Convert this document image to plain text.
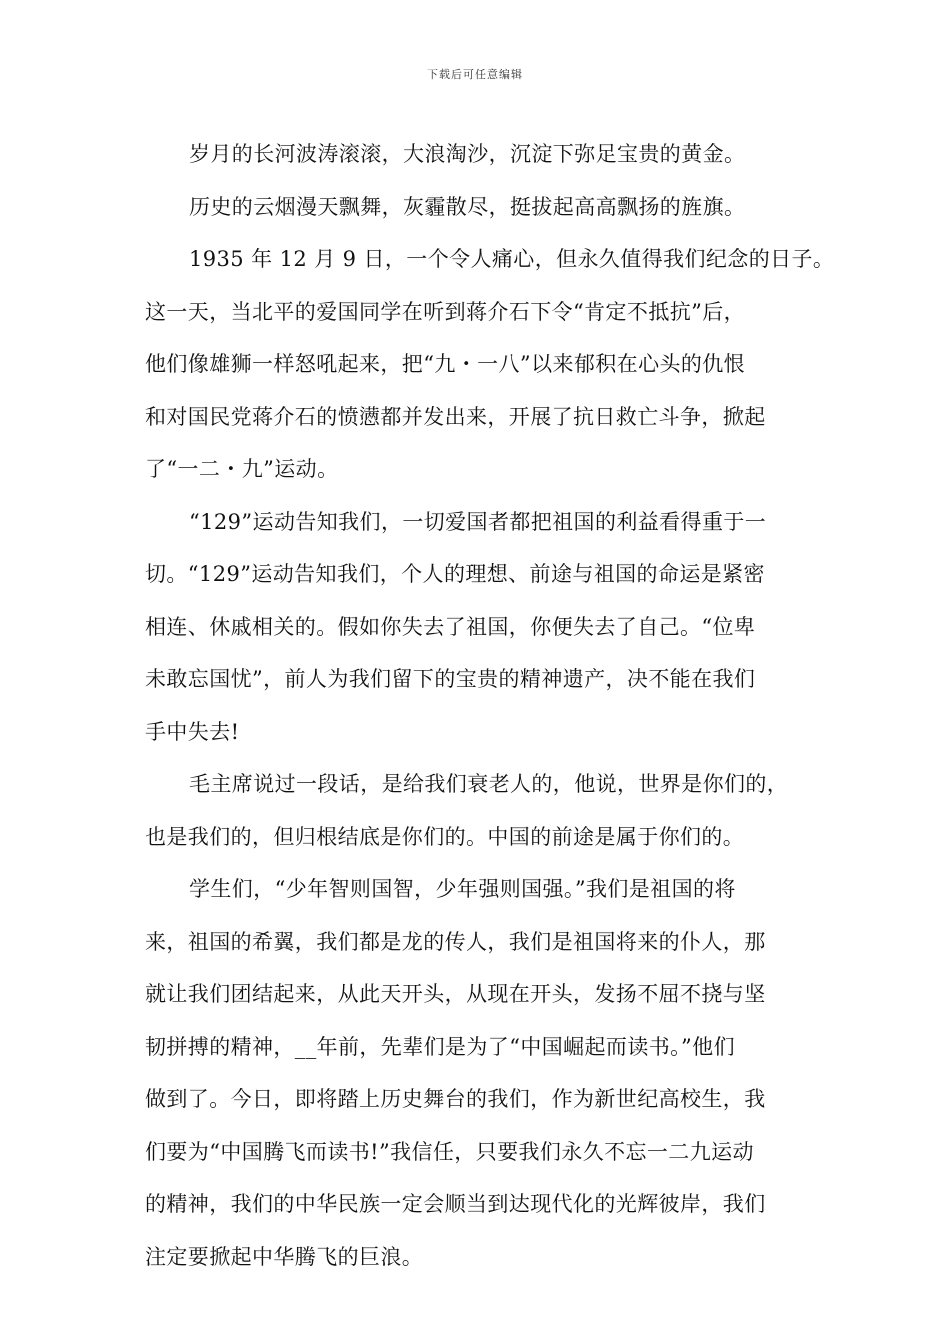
下载后可任意编辑
岁月的长河波涛滚滚，大浪淘沙，沉淀下弥足宝贵的黄金。
历史的云烟漫天飘舞，灰霾散尽，挺拔起高高飘扬的旌旗。
1935 年 12 月 9 日，一个令人痛心，但永久值得我们纪念的日子。
这一天，当北平的爱国同学在听到蒋介石下令“肯定不抵抗”后，
他们像雄狮一样怒吼起来，把“九・一八”以来郁积在心头的仇恨
和对国民党蒋介石的愤懑都并发出来，开展了抗日救亡斗争，掀起
了“一二・九”运动。
“129”运动告知我们，一切爱国者都把祖国的利益看得重于一
切。“129”运动告知我们，个人的理想、前途与祖国的命运是紧密
相连、休戚相关的。假如你失去了祖国，你便失去了自己。“位卑
未敢忘国忧”，前人为我们留下的宝贵的精神遗产，决不能在我们
手中失去!
毛主席说过一段话，是给我们衰老人的，他说，世界是你们的，
也是我们的，但归根结底是你们的。中国的前途是属于你们的。
学生们，“少年智则国智，少年强则国强。”我们是祖国的将
来，祖国的希翼，我们都是龙的传人，我们是祖国将来的仆人，那
就让我们团结起来，从此天开头，从现在开头，发扬不屈不挠与坚
韧拼搏的精神，__年前，先辈们是为了“中国崛起而读书。”他们
做到了。今日，即将踏上历史舞台的我们，作为新世纪高校生，我
们要为“中国腾飞而读书!”我信任，只要我们永久不忘一二九运动
的精神，我们的中华民族一定会顺当到达现代化的光辉彼岸，我们
注定要掀起中华腾飞的巨浪。
